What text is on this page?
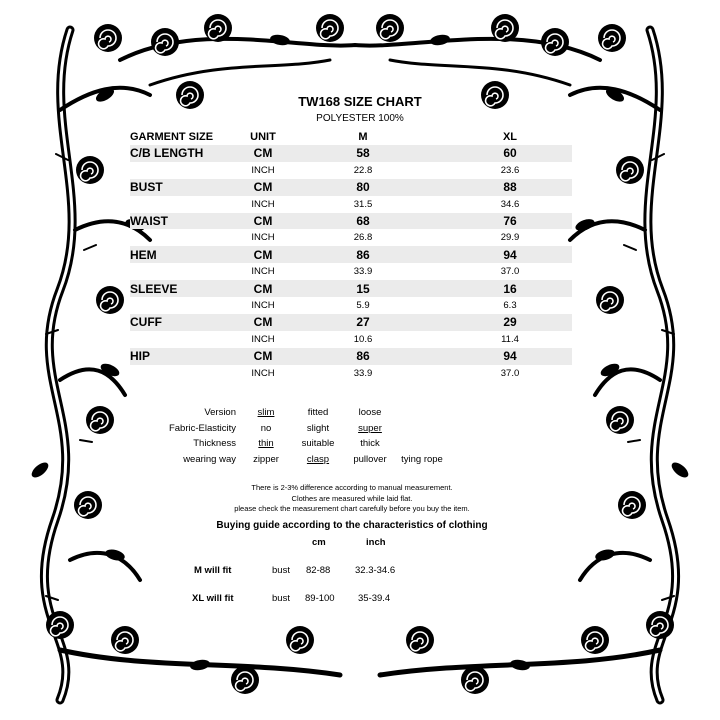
TW168 SIZE CHART
POLYESTER 100%
GARMENT SIZE	UNIT	M	XL
C/B LENGTH	CM	58	60
	INCH	22.8	23.6
BUST	CM	80	88
	INCH	31.5	34.6
WAIST	CM	68	76
	INCH	26.8	29.9
HEM	CM	86	94
	INCH	33.9	37.0
SLEEVE	CM	15	16
	INCH	5.9	6.3
CUFF	CM	27	29
	INCH	10.6	11.4
HIP	CM	86	94
	INCH	33.9	37.0
Version	slim	fitted	loose	
Fabric-Elasticity	no	slight	super	
Thickness	thin	suitable	thick	
wearing way	zipper	clasp	pullover	tying rope
There is 2-3% difference according to manual measurement.
Clothes are measured while laid flat.
please check the measurement chart carefully before you buy the item.
Buying guide according to the characteristics of clothing
cm	inch
M will fit	bust 82-88	32.3-34.6
XL will fit	bust 89-100 35-39.4
